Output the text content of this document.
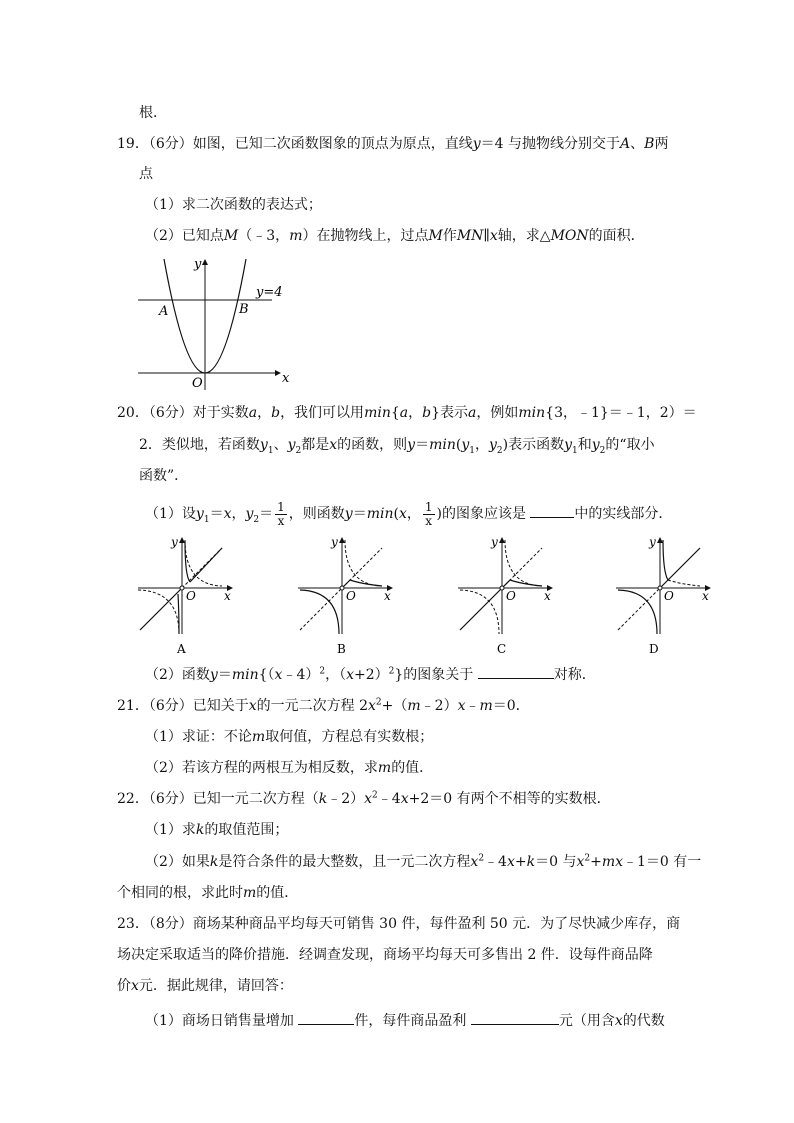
根．
19．（6分）如图，已知二次函数图象的顶点为原点，直线y＝4 与抛物线分别交于A、B两
点
（1）求二次函数的表达式；
（2）已知点M（﹣3，m）在抛物线上，过点M作MN∥x轴，求△MON的面积．
y
y=4
A	B
O	x
20．（6分）对于实数a，b，我们可以用min{a，b}表示a，例如min{3，﹣1}＝﹣1，2）＝
2．类似地，若函数$y_1$、$y_2$都是x的函数，则$y=\min(y_1$，$y_2$)表示函数$y_1$和$y_2$的“取小
函数”．
（1）设$y_1=x$，$y_2= \frac{1}{x}$ ，则函数y＝min(x， $\frac{1}{x}$ )的图象应该是	中的实线部分．
y
O x
A
y
O x
B
y
O x
C
y
O x
D
（2）函数y＝min{（x﹣4）$^2$，$(x+2)^2$}的图象关于	对称．
21．（6分）已知关于x的一元二次方程 $2x^2+(m﹣2)x﹣m=0$．
（1）求证：不论m取何值，方程总有实数根；
（2）若该方程的两根互为相反数，求m的值．
22．（6分）已知一元二次方程$(k﹣2)x^2﹣4x+2=0$ 有两个不相等的实数根．
（1）求k的取值范围；
（2）如果k是符合条件的最大整数，且一元二次方程$x^2﹣4x+k=0$ 与$x^2+mx﹣1=0$ 有一
个相同的根，求此时m的值．
23．（8分）商场某种商品平均每天可销售 30 件，每件盈利 50 元．为了尽快减少库存，商
场决定采取适当的降价措施．经调查发现，商场平均每天可多售出 2 件．设每件商品降
价x元．据此规律，请回答：
（1）商场日销售量增加	件，每件商品盈利	元（用含x的代数
